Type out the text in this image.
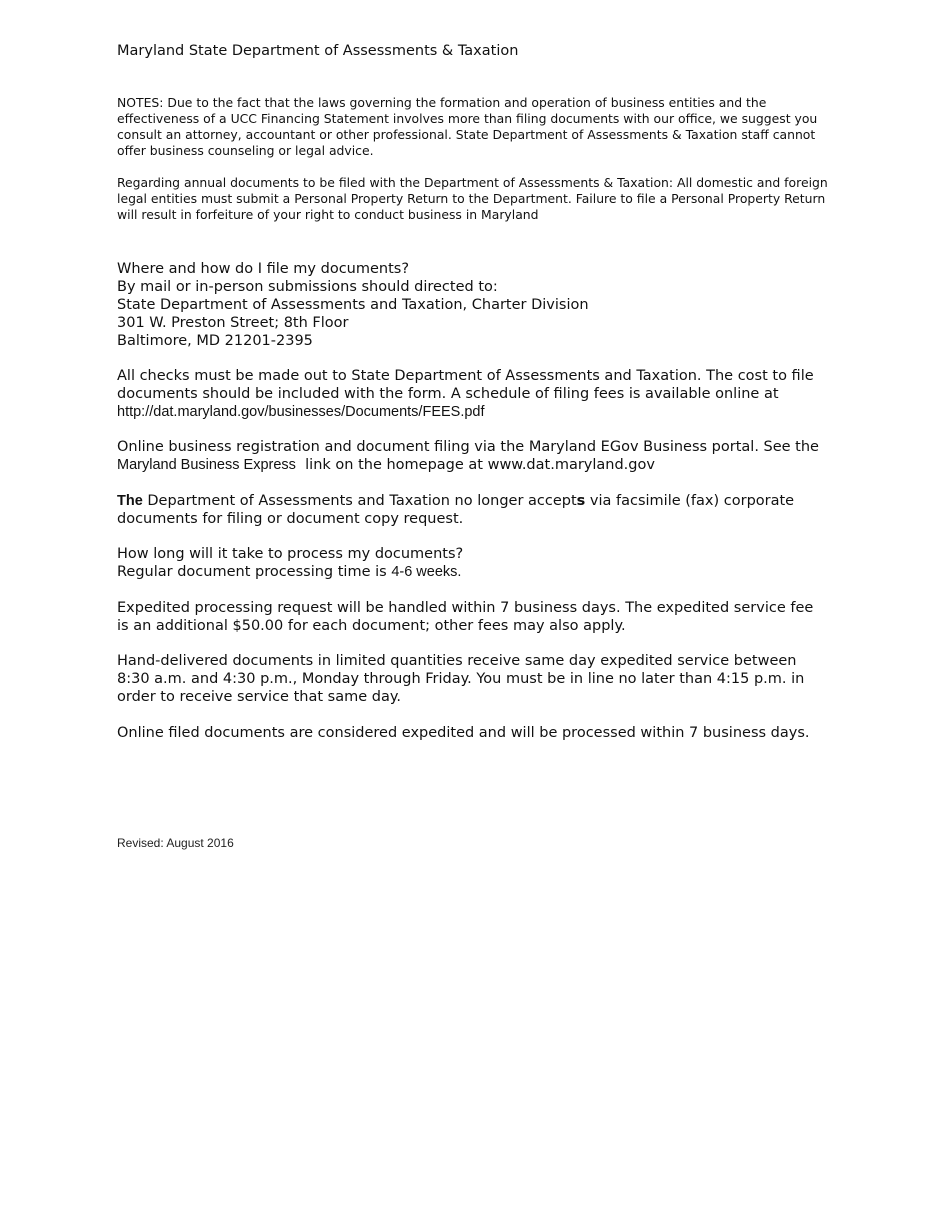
Maryland State Department of Assessments & Taxation
NOTES: Due to the fact that the laws governing the formation and operation of business entities and the effectiveness of a UCC Financing Statement involves more than filing documents with our office, we suggest you consult an attorney, accountant or other professional. State Department of Assessments & Taxation staff cannot offer business counseling or legal advice.
Regarding annual documents to be filed with the Department of Assessments & Taxation: All domestic and foreign legal entities must submit a Personal Property Return to the Department. Failure to file a Personal Property Return will result in forfeiture of your right to conduct business in Maryland
Where and how do I file my documents?
By mail or in-person submissions should directed to:
State Department of Assessments and Taxation, Charter Division
301 W. Preston Street; 8th Floor
Baltimore, MD 21201-2395
All checks must be made out to State Department of Assessments and Taxation. The cost to file
documents should be included with the form. A schedule of filing fees is available online at
http://dat.maryland.gov/businesses/Documents/FEES.pdf
Online business registration and document filing via the Maryland EGov Business portal. See the
Maryland Business Express link on the homepage at www.dat.maryland.gov
The Department of Assessments and Taxation no longer accepts via facsimile (fax) corporate documents for filing or document copy request.
How long will it take to process my documents?
Regular document processing time is 4-6 weeks.
Expedited processing request will be handled within 7 business days. The expedited service fee is an additional $50.00 for each document; other fees may also apply.
Hand-delivered documents in limited quantities receive same day expedited service between 8:30 a.m. and 4:30 p.m., Monday through Friday. You must be in line no later than 4:15 p.m. in order to receive service that same day.
Online filed documents are considered expedited and will be processed within 7 business days.
Revised: August 2016
